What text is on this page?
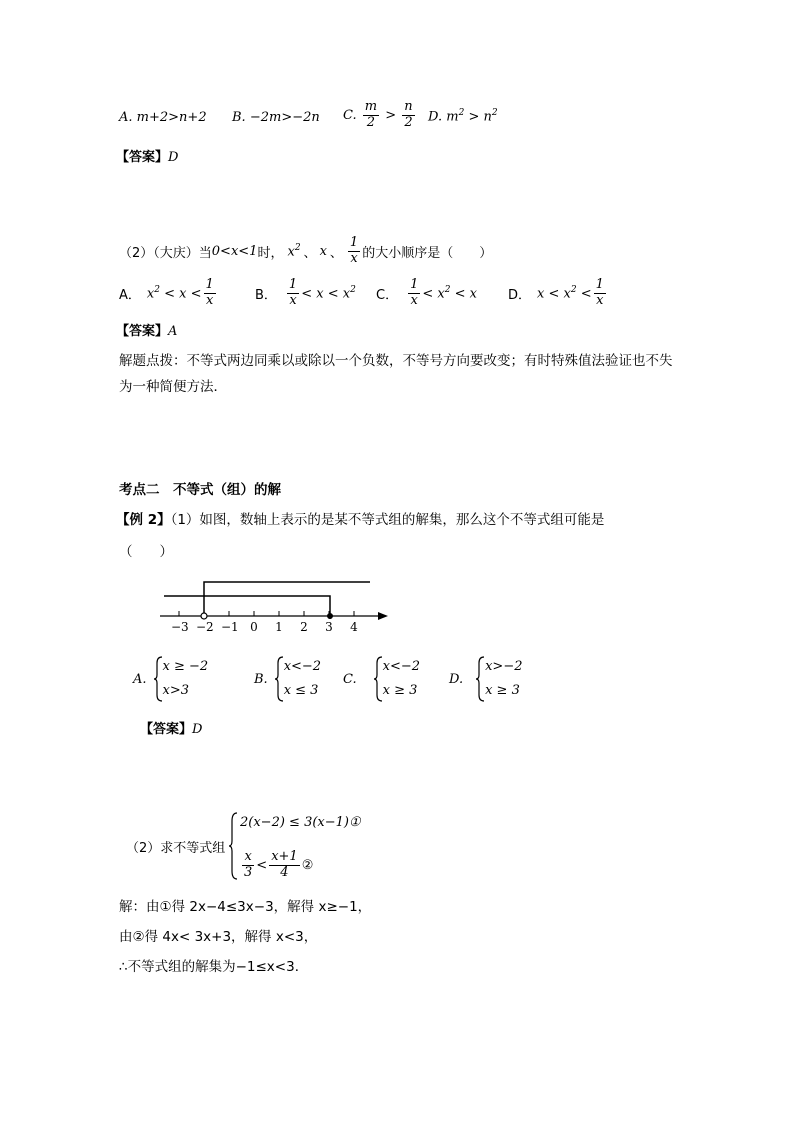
A. m+2>n+2 B. −2m>−2n C. $\frac{m}{2} > \frac{n}{2} D$. $m^2 > n^2$
【答案】D
（2）（大庆）当 0<x<1 时， $x^2$ 、 x 、 $\frac{1}{x}$ 的大小顺序是（　　）
A． $x^2 < x < \frac{1}{x}$	B． $\frac{1}{x} < x < x^2$ C． $\frac{1}{x} < x^2 < x$ D． $x < x^2 < \frac{1}{x}$
【答案】A
解题点拨：不等式两边同乘以或除以一个负数，不等号方向要改变；有时特殊值法验证也不失为一种简便方法．
考点二　不等式（组）的解
【例 2】（1）如图，数轴上表示的是某不等式组的解集，那么这个不等式组可能是
（　　）
−3 −2 −1 0	1	2	3	4
A.
x ≥ −2
x>3
B.
x<−2
x ≤ 3
C.
x<−2
x ≥ 3
D.
x>−2
x ≥ 3
【答案】D
（2）求不等式组
2(x−2) ≤ 3(x−1)①
$\frac{x}{3} < \frac{x+1}{4}$ ②
解：由①得 2x−4≤3x−3，解得 x≥−1，
由②得 4x< 3x+3，解得 x<3，
∴不等式组的解集为−1≤x<3．
